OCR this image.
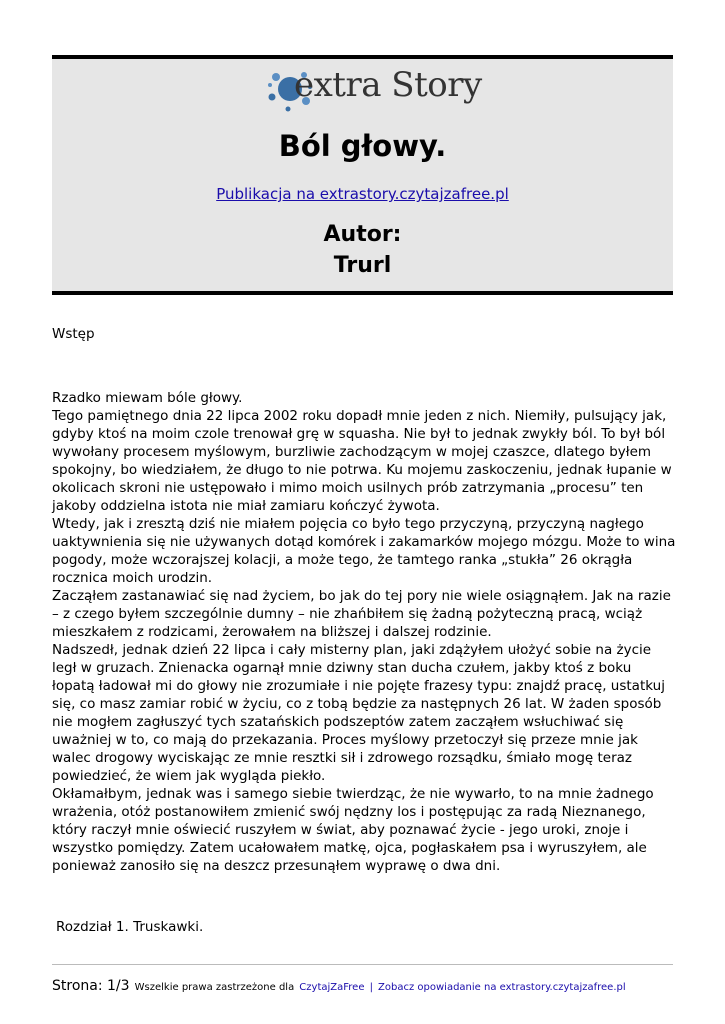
extra Story
Ból głowy.
Publikacja na extrastory.czytajzafree.pl
Autor:
Trurl
Wstęp

Rzadko miewam bóle głowy.

Tego pamiętnego dnia 22 lipca 2002 roku dopadł mnie jeden z nich. Niemiły, pulsujący jak, gdyby ktoś na moim czole trenował grę w squasha. Nie był to jednak zwykły ból. To był ból wywołany procesem myślowym, burzliwie zachodzącym w mojej czaszce, dlatego byłem spokojny, bo wiedziałem, że długo to nie potrwa. Ku mojemu zaskoczeniu, jednak łupanie w okolicach skroni nie ustępowało i mimo moich usilnych prób zatrzymania „procesu” ten jakoby oddzielna istota nie miał zamiaru kończyć żywota.

Wtedy, jak i zresztą dziś nie miałem pojęcia co było tego przyczyną, przyczyną nagłego uaktywnienia się nie używanych dotąd komórek i zakamarków mojego mózgu. Może to wina pogody, może wczorajszej kolacji, a może tego, że tamtego ranka „stukła” 26 okrągła rocznica moich urodzin.

Zacząłem zastanawiać się nad życiem, bo jak do tej pory nie wiele osiągnąłem. Jak na razie – z czego byłem szczególnie dumny – nie zhańbiłem się żadną pożyteczną pracą, wciąż mieszkałem z rodzicami, żerowałem na bliższej i dalszej rodzinie.

Nadszedł, jednak dzień 22 lipca i cały misterny plan, jaki zdążyłem ułożyć sobie na życie legł w gruzach. Znienacka ogarnął mnie dziwny stan ducha czułem, jakby ktoś z boku łopatą ładował mi do głowy nie zrozumiałe i nie pojęte frazesy typu: znajdź pracę, ustatkuj się, co masz zamiar robić w życiu, co z tobą będzie za następnych 26 lat. W żaden sposób nie mogłem zagłuszyć tych szatańskich podszeptów zatem zacząłem wsłuchiwać się uważniej w to, co mają do przekazania. Proces myślowy przetoczył się przeze mnie jak walec drogowy wyciskając ze mnie resztki sił i zdrowego rozsądku, śmiało mogę teraz powiedzieć, że wiem jak wygląda piekło.

Okłamałbym, jednak was i samego siebie twierdząc, że nie wywarło, to na mnie żadnego wrażenia, otóż postanowiłem zmienić swój nędzny los i postępując za radą Nieznanego, który raczył mnie oświecić ruszyłem w świat, aby poznawać życie - jego uroki, znoje i wszystko pomiędzy. Zatem ucałowałem matkę, ojca, pogłaskałem psa i wyruszyłem, ale ponieważ zanosiło się na deszcz przesunąłem wyprawę o dwa dni.

Rozdział 1. Truskawki.
Strona: 1/3 Wszelkie prawa zastrzeżone dla CzytajZaFree | Zobacz opowiadanie na extrastory.czytajzafree.pl
